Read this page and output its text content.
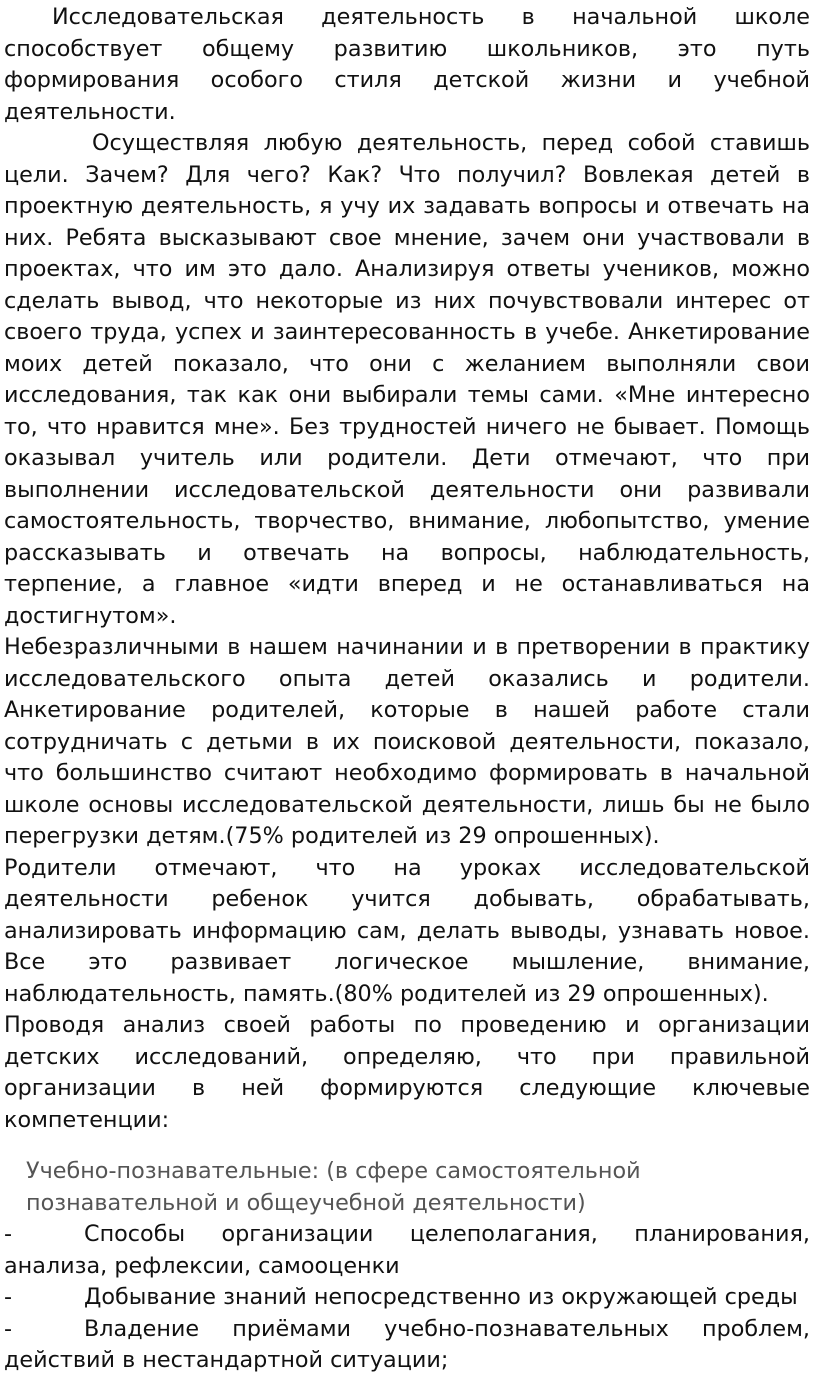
Исследовательская деятельность в начальной школе способствует общему развитию школьников, это путь формирования особого стиля детской жизни и учебной деятельности.

Осуществляя любую деятельность, перед собой ставишь цели. Зачем? Для чего? Как? Что получил? Вовлекая детей в проектную деятельность, я учу их задавать вопросы и отвечать на них. Ребята высказывают свое мнение, зачем они участвовали в проектах, что им это дало. Анализируя ответы учеников, можно сделать вывод, что некоторые из них почувствовали интерес от своего труда, успех и заинтересованность в учебе. Анкетирование моих детей показало, что они с желанием выполняли свои исследования, так как они выбирали темы сами. «Мне интересно то, что нравится мне». Без трудностей ничего не бывает. Помощь оказывал учитель или родители. Дети отмечают, что при выполнении исследовательской деятельности они развивали самостоятельность, творчество, внимание, любопытство, умение рассказывать и отвечать на вопросы, наблюдательность, терпение, а главное «идти вперед и не останавливаться на достигнутом».

Небезразличными в нашем начинании и в претворении в практику исследовательского опыта детей оказались и родители. Анкетирование родителей, которые в нашей работе стали сотрудничать с детьми в их поисковой деятельности, показало, что большинство считают необходимо формировать в начальной школе основы исследовательской деятельности, лишь бы не было перегрузки детям.(75% родителей из 29 опрошенных).

Родители отмечают, что на уроках исследовательской деятельности ребенок учится добывать, обрабатывать, анализировать информацию сам, делать выводы, узнавать новое. Все это развивает логическое мышление, внимание, наблюдательность, память.(80% родителей из 29 опрошенных).

Проводя анализ своей работы по проведению и организации детских исследований, определяю, что при правильной организации в ней формируются следующие ключевые компетенции:

Учебно-познавательные: (в сфере самостоятельной познавательной и общеучебной деятельности)

-	Способы организации целеполагания, планирования, анализа, рефлексии, самооценки

-	Добывание знаний непосредственно из окружающей среды

-	Владение приёмами учебно-познавательных проблем, действий в нестандартной ситуации;
